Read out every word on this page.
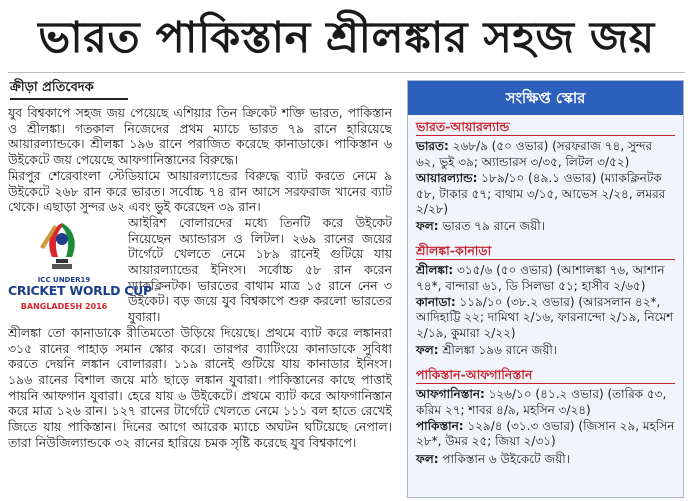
ভারত পাকিস্তান শ্রীলঙ্কার সহজ জয়
ক্রীড়া প্রতিবেদক

যুব বিশ্বকাপে সহজ জয় পেয়েছে এশিয়ার তিন ক্রিকেট শক্তি ভারত, পাকিস্তান ও শ্রীলঙ্কা। গতকাল নিজেদের প্রথম ম্যাচে ভারত ৭৯ রানে হারিয়েছে আয়ারল্যান্ডকে। শ্রীলঙ্কা ১৯৬ রানে পরাজিত করেছে কানাডাকে। পাকিস্তান ৬ উইকেটে জয় পেয়েছে আফগানিস্তানের বিরুদ্ধে।

মিরপুর শেরেবাংলা স্টেডিয়ামে আয়ারল্যান্ডের বিরুদ্ধে ব্যাট করতে নেমে ৯ উইকেটে ২৬৮ রান করে ভারত। সর্বোচ্চ ৭৪ রান আসে সরফরাজ খানের ব্যাট থেকে। এছাড়া সুন্দর ৬২ এবং ভুই করেছেন ৩৯ রান।

ICC UNDER19
CRICKET WORLD CUP
BANGLADESH 2016

আইরিশ বোলারদের মধ্যে তিনটি করে উইকেট নিয়েছেন অ্যান্ডারস ও লিটল। ২৬৯ রানের জয়ের টার্গেটে খেলতে নেমে ১৮৯ রানেই গুটিয়ে যায় আয়ারল্যান্ডের ইনিংস। সর্বোচ্চ ৫৮ রান করেন ম্যাকক্লিনটক। ভারতের বাথাম মাত্র ১৫ রানে নেন ৩ উইকেট। বড় জয়ে যুব বিশ্বকাপে শুরু করলো ভারতের যুবারা।

শ্রীলঙ্কা তো কানাডাকে রীতিমতো উড়িয়ে দিয়েছে। প্রথমে ব্যাট করে লঙ্কানরা ৩১৫ রানের পাহাড় সমান স্কোর করে। তারপর ব্যাটিংয়ে কানাডাকে সুবিধা করতে দেয়নি লঙ্কান বোলাররা। ১১৯ রানেই গুটিয়ে যায় কানাডার ইনিংস। ১৯৬ রানের বিশাল জয়ে মাঠ ছাড়ে লঙ্কান যুবারা। পাকিস্তানের কাছে পাত্তাই পায়নি আফগান যুবারা। হেরে যায় ৬ উইকেটে। প্রথমে ব্যাট করে আফগানিস্তান করে মাত্র ১২৬ রান। ১২৭ রানের টার্গেটে খেলতে নেমে ১১১ বল হাতে রেখেই জিতে যায় পাকিস্তান। দিনের আগে আরেক ম্যাচে অঘটন ঘটিয়েছে নেপাল। তারা নিউজিল্যান্ডকে ৩২ রানের হারিয়ে চমক সৃষ্টি করেছে যুব বিশ্বকাপে।

সংক্ষিপ্ত স্কোর
ভারত-আয়ারল্যান্ড

ভারত: ২৬৮/৯ (৫০ ওভার) (সরফরাজ ৭৪, সুন্দর ৬২, ভুই ৩৯; অ্যান্ডারস ৩/৩৫, লিটল ৩/৫২)

আয়ারল্যান্ড: ১৮৯/১০ (৪৯.১ ওভার) (ম্যাকক্লিনটক ৫৮, টাকার ৫৭; বাথাম ৩/১৫, আভেস ২/২৪, লমরর ২/২৮)

ফল: ভারত ৭৯ রানে জয়ী।

শ্রীলঙ্কা-কানাডা

শ্রীলঙ্কা: ৩১৫/৬ (৫০ ওভার) (আশালঙ্কা ৭৬, আশান ৭৪*, বান্দারা ৬১, ডি সিলভা ৫১; হাসীব ২/৬৫)

কানাডা: ১১৯/১০ (৩৮.২ ওভার) (আরসলান ৪২*, আদিহাট্টি ২২; দামিথা ২/১৬, ফারনান্দো ২/১৯, নিমেশ ২/১৯, কুমারা ২/২২)

ফল: শ্রীলঙ্কা ১৯৬ রানে জয়ী।

পাকিস্তান-আফগানিস্তান

আফগানিস্তান: ১২৬/১০ (৪১.২ ওভার) (তারিক ৫৩, করিম ২৭; শাবর ৪/৯, মহসিন ৩/২৪)

পাকিস্তান: ১২৯/৪ (৩১.৩ ওভার) (জিসান ২৯, মহসিন ২৮*, উমর ২৫; জিয়া ২/৩১)

ফল: পাকিস্তান ৬ উইকেটে জয়ী।
